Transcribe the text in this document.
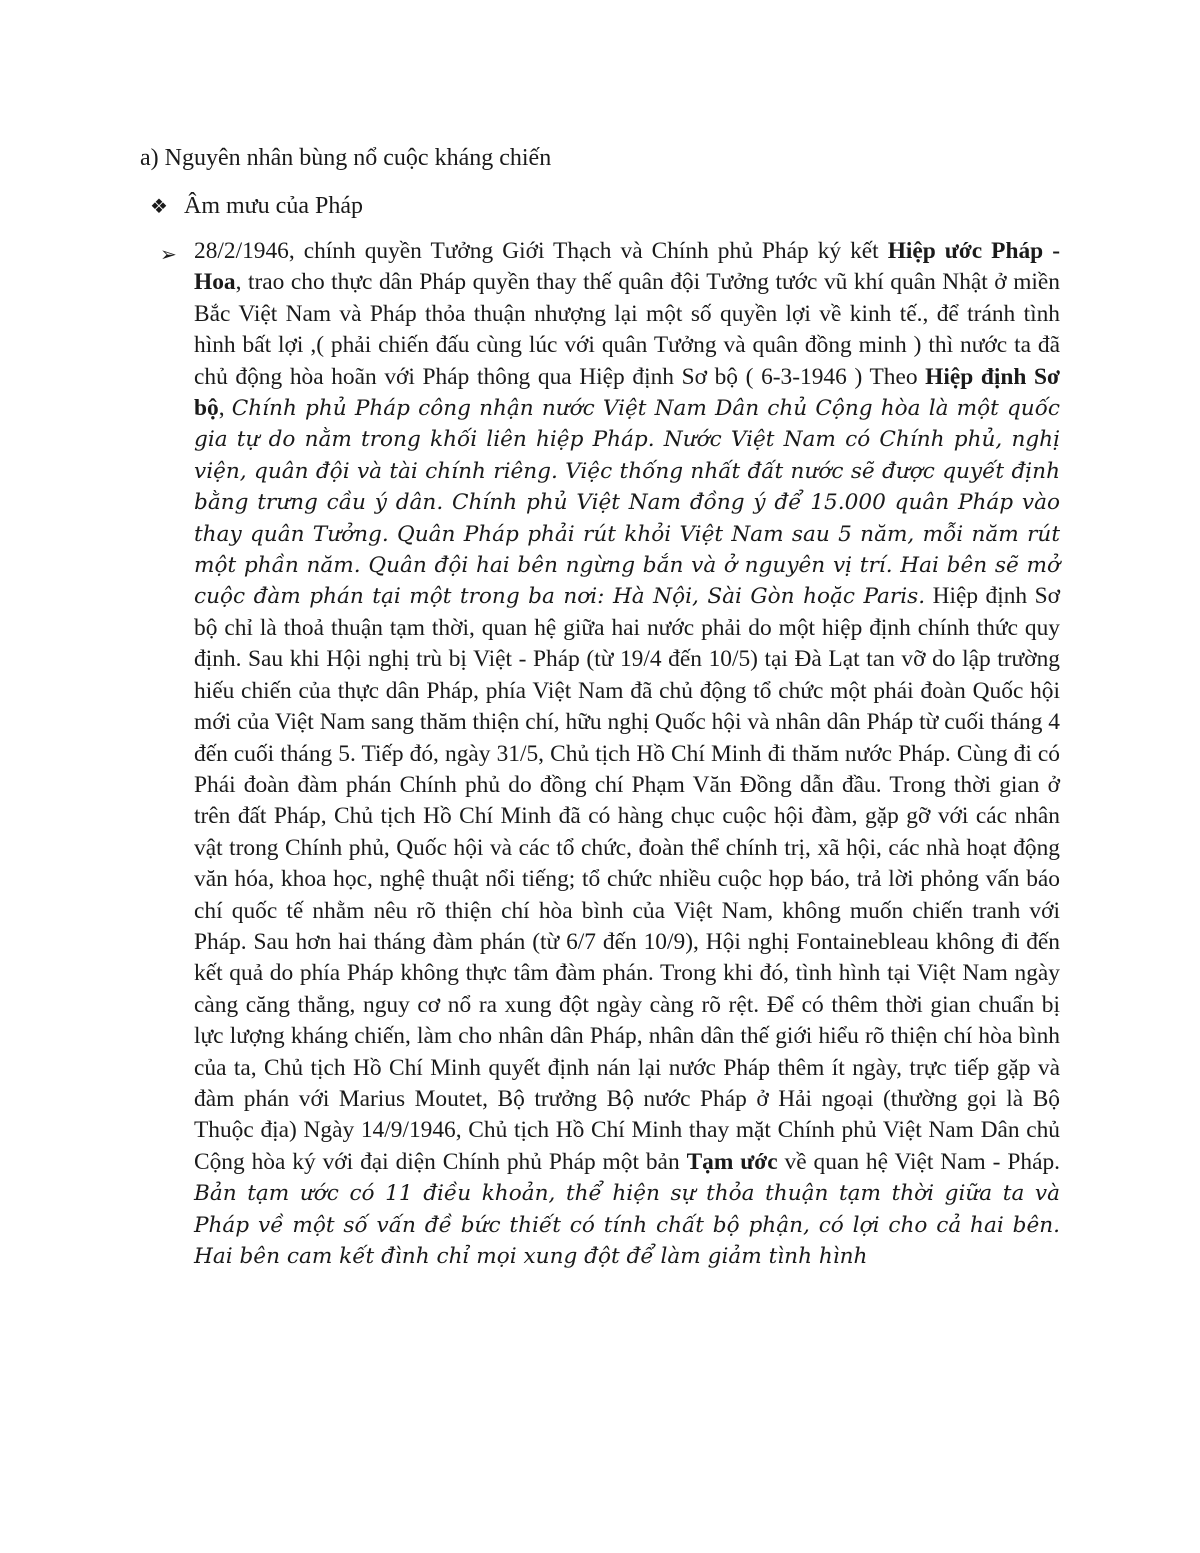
a) Nguyên nhân bùng nổ cuộc kháng chiến
❖ Âm mưu của Pháp
➢ 28/2/1946, chính quyền Tưởng Giới Thạch và Chính phủ Pháp ký kết Hiệp ước Pháp - Hoa, trao cho thực dân Pháp quyền thay thế quân đội Tưởng tước vũ khí quân Nhật ở miền Bắc Việt Nam và Pháp thỏa thuận nhượng lại một số quyền lợi về kinh tế., để tránh tình hình bất lợi ,( phải chiến đấu cùng lúc với quân Tưởng và quân đồng minh ) thì nước ta đã chủ động hòa hoãn với Pháp thông qua Hiệp định Sơ bộ ( 6-3-1946 ) Theo Hiệp định Sơ bộ, Chính phủ Pháp công nhận nước Việt Nam Dân chủ Cộng hòa là một quốc gia tự do nằm trong khối liên hiệp Pháp. Nước Việt Nam có Chính phủ, nghị viện, quân đội và tài chính riêng. Việc thống nhất đất nước sẽ được quyết định bằng trưng cầu ý dân. Chính phủ Việt Nam đồng ý để 15.000 quân Pháp vào thay quân Tưởng. Quân Pháp phải rút khỏi Việt Nam sau 5 năm, mỗi năm rút một phần năm. Quân đội hai bên ngừng bắn và ở nguyên vị trí. Hai bên sẽ mở cuộc đàm phán tại một trong ba nơi: Hà Nội, Sài Gòn hoặc Paris. Hiệp định Sơ bộ chỉ là thoả thuận tạm thời, quan hệ giữa hai nước phải do một hiệp định chính thức quy định. Sau khi Hội nghị trù bị Việt - Pháp (từ 19/4 đến 10/5) tại Đà Lạt tan vỡ do lập trường hiếu chiến của thực dân Pháp, phía Việt Nam đã chủ động tổ chức một phái đoàn Quốc hội mới của Việt Nam sang thăm thiện chí, hữu nghị Quốc hội và nhân dân Pháp từ cuối tháng 4 đến cuối tháng 5. Tiếp đó, ngày 31/5, Chủ tịch Hồ Chí Minh đi thăm nước Pháp. Cùng đi có Phái đoàn đàm phán Chính phủ do đồng chí Phạm Văn Đồng dẫn đầu. Trong thời gian ở trên đất Pháp, Chủ tịch Hồ Chí Minh đã có hàng chục cuộc hội đàm, gặp gỡ với các nhân vật trong Chính phủ, Quốc hội và các tổ chức, đoàn thể chính trị, xã hội, các nhà hoạt động văn hóa, khoa học, nghệ thuật nổi tiếng; tổ chức nhiều cuộc họp báo, trả lời phỏng vấn báo chí quốc tế nhằm nêu rõ thiện chí hòa bình của Việt Nam, không muốn chiến tranh với Pháp. Sau hơn hai tháng đàm phán (từ 6/7 đến 10/9), Hội nghị Fontainebleau không đi đến kết quả do phía Pháp không thực tâm đàm phán. Trong khi đó, tình hình tại Việt Nam ngày càng căng thẳng, nguy cơ nổ ra xung đột ngày càng rõ rệt. Để có thêm thời gian chuẩn bị lực lượng kháng chiến, làm cho nhân dân Pháp, nhân dân thế giới hiểu rõ thiện chí hòa bình của ta, Chủ tịch Hồ Chí Minh quyết định nán lại nước Pháp thêm ít ngày, trực tiếp gặp và đàm phán với Marius Moutet, Bộ trưởng Bộ nước Pháp ở Hải ngoại (thường gọi là Bộ Thuộc địa) Ngày 14/9/1946, Chủ tịch Hồ Chí Minh thay mặt Chính phủ Việt Nam Dân chủ Cộng hòa ký với đại diện Chính phủ Pháp một bản Tạm ước về quan hệ Việt Nam - Pháp. Bản tạm ước có 11 điều khoản, thể hiện sự thỏa thuận tạm thời giữa ta và Pháp về một số vấn đề bức thiết có tính chất bộ phận, có lợi cho cả hai bên. Hai bên cam kết đình chỉ mọi xung đột để làm giảm tình hình
